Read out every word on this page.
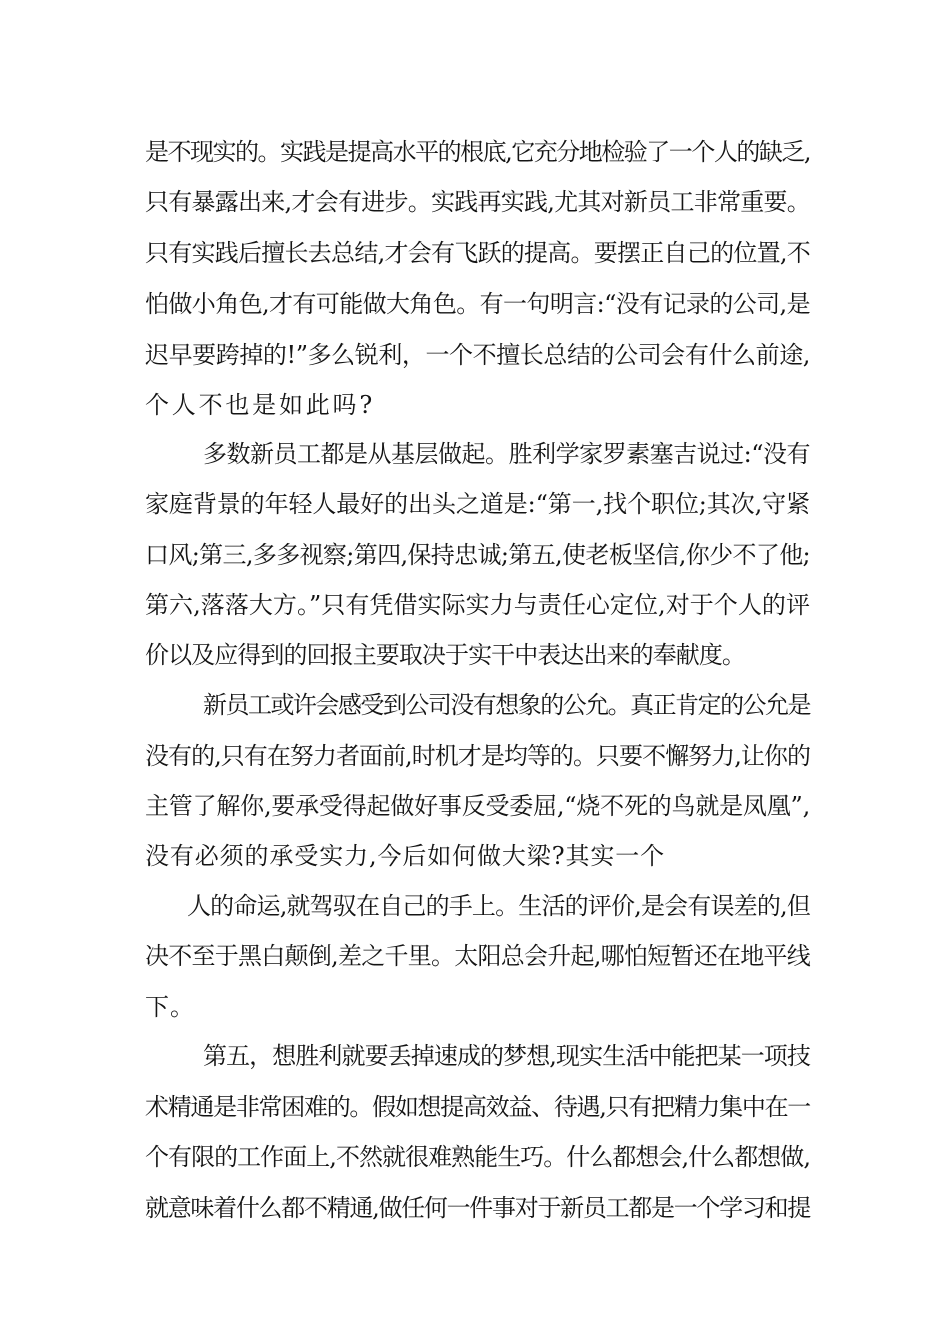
是不现实的。实践是提高水平的根底,它充分地检验了一个人的缺乏,
只有暴露出来,才会有进步。实践再实践,尤其对新员工非常重要。
只有实践后擅长去总结,才会有飞跃的提高。要摆正自己的位置,不
怕做小角色,才有可能做大角色。有一句明言:“没有记录的公司,是
迟早要跨掉的!”多么锐利，一个不擅长总结的公司会有什么前途,
个人不也是如此吗?
多数新员工都是从基层做起。胜利学家罗素塞吉说过:“没有
家庭背景的年轻人最好的出头之道是:“第一,找个职位;其次,守紧
口风;第三,多多视察;第四,保持忠诚;第五,使老板坚信,你少不了他;
第六,落落大方。”只有凭借实际实力与责任心定位,对于个人的评
价以及应得到的回报主要取决于实干中表达出来的奉献度。
新员工或许会感受到公司没有想象的公允。真正肯定的公允是
没有的,只有在努力者面前,时机才是均等的。只要不懈努力,让你的
主管了解你,要承受得起做好事反受委屈,“烧不死的鸟就是凤凰”,
没有必须的承受实力,今后如何做大梁?其实一个
人的命运,就驾驭在自己的手上。生活的评价,是会有误差的,但
决不至于黑白颠倒,差之千里。太阳总会升起,哪怕短暂还在地平线
下。
第五，想胜利就要丢掉速成的梦想,现实生活中能把某一项技
术精通是非常困难的。假如想提高效益、待遇,只有把精力集中在一
个有限的工作面上,不然就很难熟能生巧。什么都想会,什么都想做,
就意味着什么都不精通,做任何一件事对于新员工都是一个学习和提
